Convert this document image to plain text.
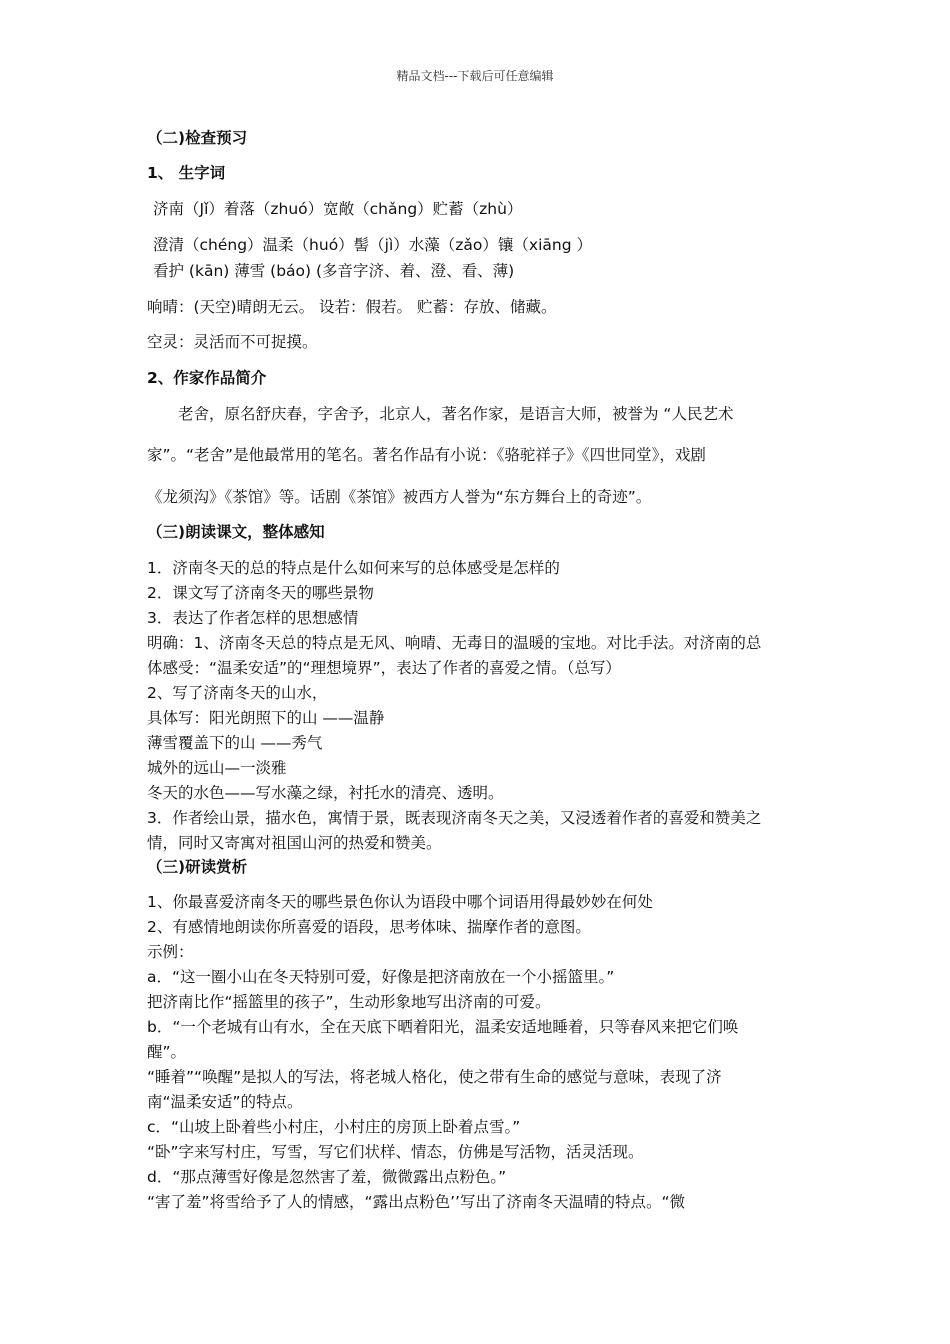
精品文档---下载后可任意编辑
（二)检查预习
1、 生字词
济南（Jǐ）着落（zhuó）宽敞（chǎng）贮蓄（zhù）
澄清（chéng）温柔（huó）髻（jì）水藻（zǎo）镶（xiāng ）
看护 (kān) 薄雪 (báo) (多音字济、着、澄、看、薄)
响晴：(天空)晴朗无云。 设若：假若。 贮蓄：存放、储藏。
空灵：灵活而不可捉摸。
2、作家作品简介
老舍，原名舒庆春，字舍予，北京人，著名作家，是语言大师，被誉为 “人民艺术
家”。“老舍”是他最常用的笔名。著名作品有小说：《骆驼祥子》《四世同堂》，戏剧
《龙须沟》《茶馆》等。话剧《茶馆》被西方人誉为“东方舞台上的奇迹”。
（三)朗读课文，整体感知
1．济南冬天的总的特点是什么如何来写的总体感受是怎样的
2．课文写了济南冬天的哪些景物
3．表达了作者怎样的思想感情
明确：1、济南冬天总的特点是无风、响晴、无毒日的温暖的宝地。对比手法。对济南的总
体感受：“温柔安适”的“理想境界”，表达了作者的喜爱之情。（总写）
2、写了济南冬天的山水，
具体写：阳光朗照下的山 ——温静
薄雪覆盖下的山 ——秀气
城外的远山—一淡雅
冬天的水色——写水藻之绿，衬托水的清亮、透明。
3．作者绘山景，描水色，寓情于景，既表现济南冬天之美，又浸透着作者的喜爱和赞美之
情，同时又寄寓对祖国山河的热爱和赞美。
（三)研读赏析
1、你最喜爱济南冬天的哪些景色你认为语段中哪个词语用得最妙妙在何处
2、有感情地朗读你所喜爱的语段，思考体味、揣摩作者的意图。
示例：
a．“这一圈小山在冬天特别可爱，好像是把济南放在一个小摇篮里。”
把济南比作“摇篮里的孩子”，生动形象地写出济南的可爱。
b．“一个老城有山有水，全在天底下晒着阳光，温柔安适地睡着，只等春风来把它们唤
醒”。
“睡着”“唤醒”是拟人的写法，将老城人格化，使之带有生命的感觉与意味，表现了济
南“温柔安适”的特点。
c．“山坡上卧着些小村庄，小村庄的房顶上卧着点雪。”
“卧”字来写村庄，写雪，写它们状样、情态，仿佛是写活物，活灵活现。
d．“那点薄雪好像是忽然害了羞，微微露出点粉色。”
“害了羞”将雪给予了人的情感，“露出点粉色’’写出了济南冬天温晴的特点。“微
